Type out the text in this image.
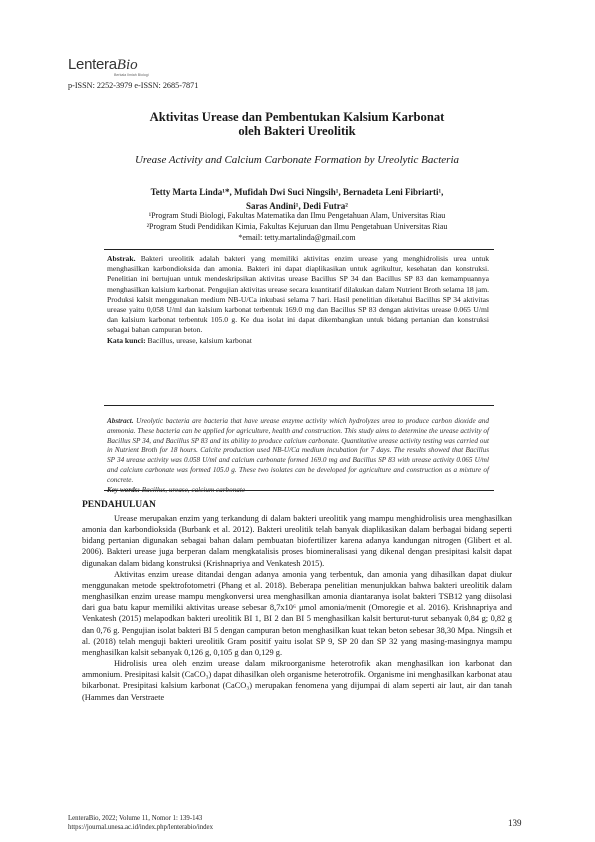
LenteraBio
Berkala Ilmiah Biologi
p-ISSN: 2252-3979 e-ISSN: 2685-7871
Aktivitas Urease dan Pembentukan Kalsium Karbonat
oleh Bakteri Ureolitik
Urease Activity and Calcium Carbonate Formation by Ureolytic Bacteria
Tetty Marta Linda¹*, Mufidah Dwi Suci Ningsih¹, Bernadeta Leni Fibriarti¹,
Saras Andini¹, Dedi Futra²
¹Program Studi Biologi, Fakultas Matematika dan Ilmu Pengetahuan Alam, Universitas Riau
²Program Studi Pendidikan Kimia, Fakultas Kejuruan dan Ilmu Pengetahuan Universitas Riau
*email: tetty.martalinda@gmail.com
Abstrak. Bakteri ureolitik adalah bakteri yang memiliki aktivitas enzim urease yang menghidrolisis urea untuk menghasilkan karbondioksida dan amonia. Bakteri ini dapat diaplikasikan untuk agrikultur, kesehatan dan konstruksi. Penelitian ini bertujuan untuk mendeskripsikan aktivitas urease Bacillus SP 34 dan Bacillus SP 83 dan kemampuannya menghasilkan kalsium karbonat. Pengujian aktivitas urease secara kuantitatif dilakukan dalam Nutrient Broth selama 18 jam. Produksi kalsit menggunakan medium NB-U/Ca inkubasi selama 7 hari. Hasil penelitian diketahui Bacillus SP 34 aktivitas urease yaitu 0,058 U/ml dan kalsium karbonat terbentuk 169.0 mg dan Bacillus SP 83 dengan aktivitas urease 0.065 U/ml dan kalsium karbonat terbentuk 105.0 g. Ke dua isolat ini dapat dikembangkan untuk bidang pertanian dan konstruksi sebagai bahan campuran beton.
Kata kunci: Bacillus, urease, kalsium karbonat
Abstract. Ureolytic bacteria are bacteria that have urease enzyme activity which hydrolyzes urea to produce carbon dioxide and ammonia. These bacteria can be applied for agriculture, health and construction. This study aims to determine the urease activity of Bacillus SP 34, and Bacillus SP 83 and its ability to produce calcium carbonate. Quantitative urease activity testing was carried out in Nutrient Broth for 18 hours. Calcite production used NB-U/Ca medium incubation for 7 days. The results showed that Bacillus SP 34 urease activity was 0.058 U/ml and calcium carbonate formed 169.0 mg and Bacillus SP 83 with urease activity 0.065 U/ml and calcium carbonate was formed 105.0 g. These two isolates can be developed for agriculture and construction as a mixture of concrete.
Key words: Bacillus, urease, calcium carbonate
PENDAHULUAN

Urease merupakan enzim yang terkandung di dalam bakteri ureolitik yang mampu menghidrolisis urea menghasilkan amonia dan karbondioksida (Burbank et al. 2012). Bakteri ureolitik telah banyak diaplikasikan dalam berbagai bidang seperti bidang pertanian digunakan sebagai bahan dalam pembuatan biofertilizer karena adanya kandungan nitrogen (Glibert et al. 2006). Bakteri urease juga berperan dalam mengkatalisis proses biomineralisasi yang dikenal dengan presipitasi kalsit dapat digunakan dalam bidang konstruksi (Krishnapriya and Venkatesh 2015).

Aktivitas enzim urease ditandai dengan adanya amonia yang terbentuk, dan amonia yang dihasilkan dapat diukur menggunakan metode spektrofotometri (Phang et al. 2018). Beberapa penelitian menunjukkan bahwa bakteri ureolitik dalam menghasilkan enzim urease mampu mengkonversi urea menghasilkan amonia diantaranya isolat bakteri TSB12 yang diisolasi dari gua batu kapur memiliki aktivitas urease sebesar 8,7x10⁶ μmol amonia/menit (Omoregie et al. 2016). Krishnapriya and Venkatesh (2015) melapodkan bakteri ureolitik BI 1, BI 2 dan BI 5 menghasilkan kalsit berturut-turut sebanyak 0,84 g; 0,82 g dan 0,76 g. Pengujian isolat bakteri BI 5 dengan campuran beton menghasilkan kuat tekan beton sebesar 38,30 Mpa. Ningsih et al. (2018) telah menguji bakteri ureolitik Gram positif yaitu isolat SP 9, SP 20 dan SP 32 yang masing-masingnya mampu menghasilkan kalsit sebanyak 0,126 g, 0,105 g dan 0,129 g.

Hidrolisis urea oleh enzim urease dalam mikroorganisme heterotrofik akan menghasilkan ion karbonat dan ammonium. Presipitasi kalsit (CaCO₃) dapat dihasilkan oleh organisme heterotrofik. Organisme ini menghasilkan karbonat atau bikarbonat. Presipitasi kalsium karbonat (CaCO₃) merupakan fenomena yang dijumpai di alam seperti air laut, air dan tanah (Hammes dan Verstraete

LenteraBio, 2022; Volume 11, Nomor 1: 139-143
https://journal.unesa.ac.id/index.php/lenterabio/index	139
